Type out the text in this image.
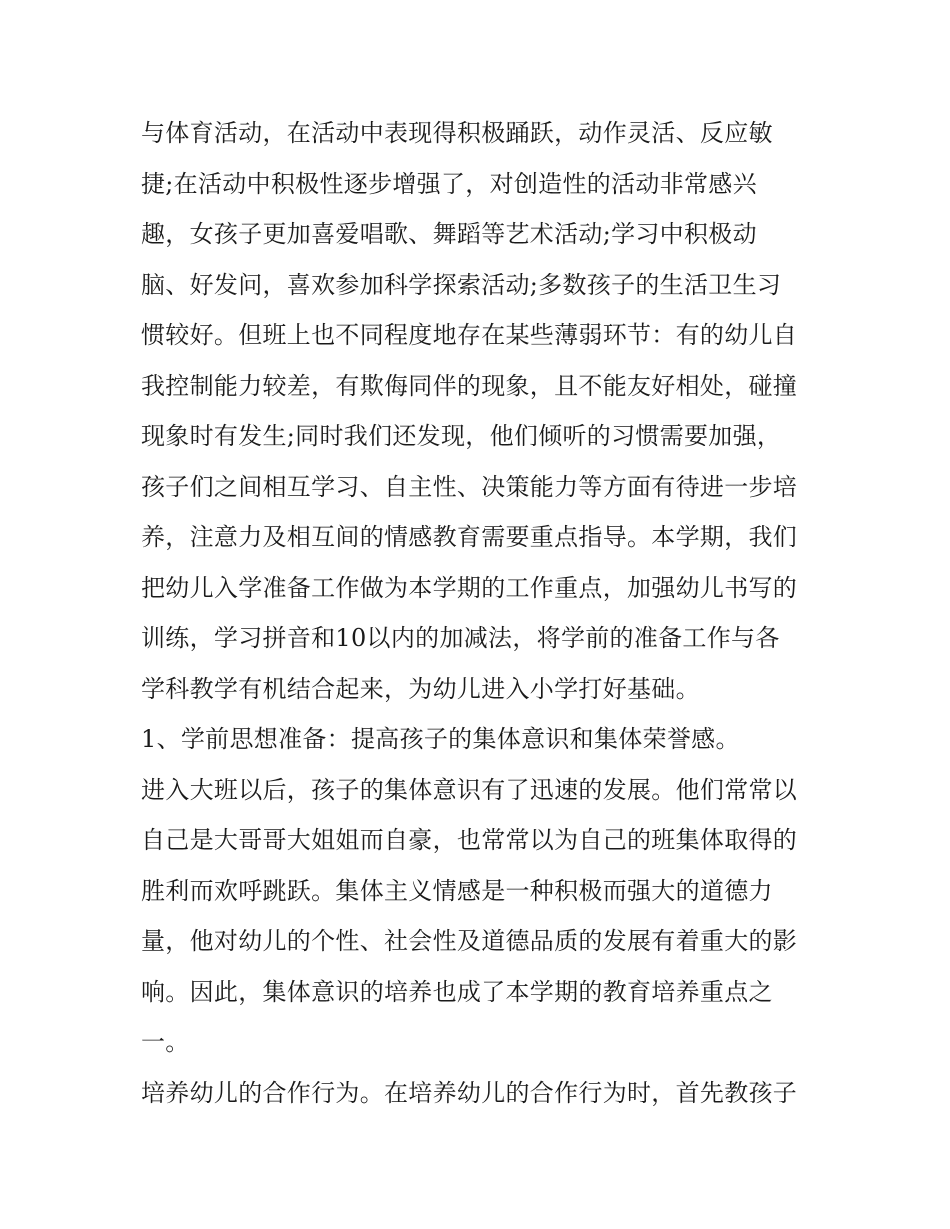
与体育活动，在活动中表现得积极踊跃，动作灵活、反应敏
捷;在活动中积极性逐步增强了，对创造性的活动非常感兴
趣，女孩子更加喜爱唱歌、舞蹈等艺术活动;学习中积极动
脑、好发问，喜欢参加科学探索活动;多数孩子的生活卫生习
惯较好。但班上也不同程度地存在某些薄弱环节：有的幼儿自
我控制能力较差，有欺侮同伴的现象，且不能友好相处，碰撞
现象时有发生;同时我们还发现，他们倾听的习惯需要加强，
孩子们之间相互学习、自主性、决策能力等方面有待进一步培
养，注意力及相互间的情感教育需要重点指导。本学期，我们
把幼儿入学准备工作做为本学期的工作重点，加强幼儿书写的
训练，学习拼音和10以内的加减法，将学前的准备工作与各
学科教学有机结合起来，为幼儿进入小学打好基础。
1、学前思想准备：提高孩子的集体意识和集体荣誉感。
进入大班以后，孩子的集体意识有了迅速的发展。他们常常以
自己是大哥哥大姐姐而自豪，也常常以为自己的班集体取得的
胜利而欢呼跳跃。集体主义情感是一种积极而强大的道德力
量，他对幼儿的个性、社会性及道德品质的发展有着重大的影
响。因此，集体意识的培养也成了本学期的教育培养重点之
一。
培养幼儿的合作行为。在培养幼儿的合作行为时，首先教孩子
